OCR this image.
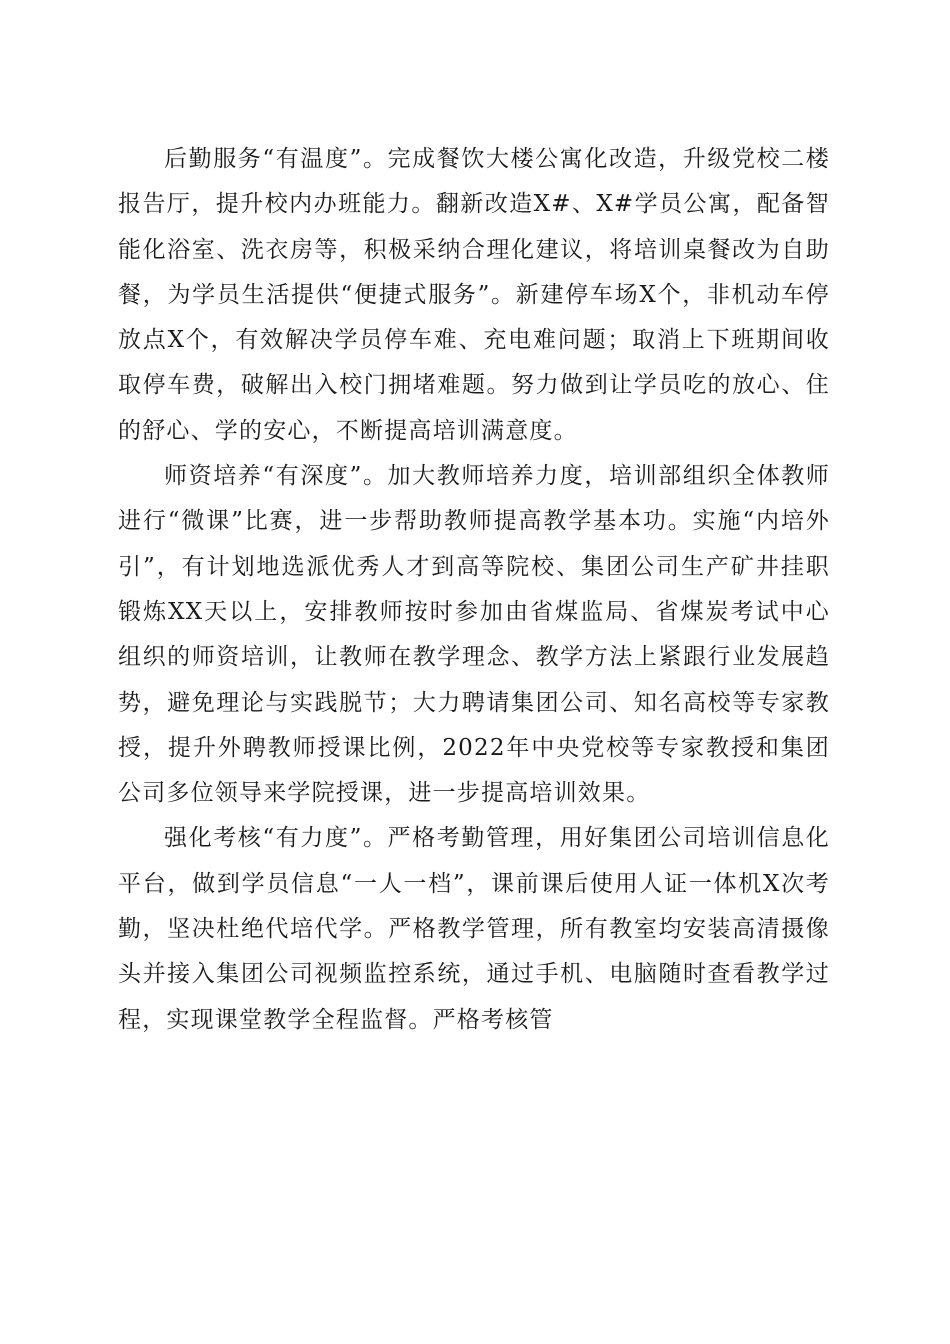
后勤服务“有温度”。完成餐饮大楼公寓化改造，升级党校二楼报告厅，提升校内办班能力。翻新改造X#、X#学员公寓，配备智能化浴室、洗衣房等，积极采纳合理化建议，将培训桌餐改为自助餐，为学员生活提供“便捷式服务”。新建停车场X个，非机动车停放点X个，有效解决学员停车难、充电难问题；取消上下班期间收取停车费，破解出入校门拥堵难题。努力做到让学员吃的放心、住的舒心、学的安心，不断提高培训满意度。

师资培养“有深度”。加大教师培养力度，培训部组织全体教师进行“微课”比赛，进一步帮助教师提高教学基本功。实施“内培外引”，有计划地选派优秀人才到高等院校、集团公司生产矿井挂职锻炼XX天以上，安排教师按时参加由省煤监局、省煤炭考试中心组织的师资培训，让教师在教学理念、教学方法上紧跟行业发展趋势，避免理论与实践脱节；大力聘请集团公司、知名高校等专家教授，提升外聘教师授课比例，2022年中央党校等专家教授和集团公司多位领导来学院授课，进一步提高培训效果。

强化考核“有力度”。严格考勤管理，用好集团公司培训信息化平台，做到学员信息“一人一档”，课前课后使用人证一体机X次考勤，坚决杜绝代培代学。严格教学管理，所有教室均安装高清摄像头并接入集团公司视频监控系统，通过手机、电脑随时查看教学过程，实现课堂教学全程监督。严格考核管
